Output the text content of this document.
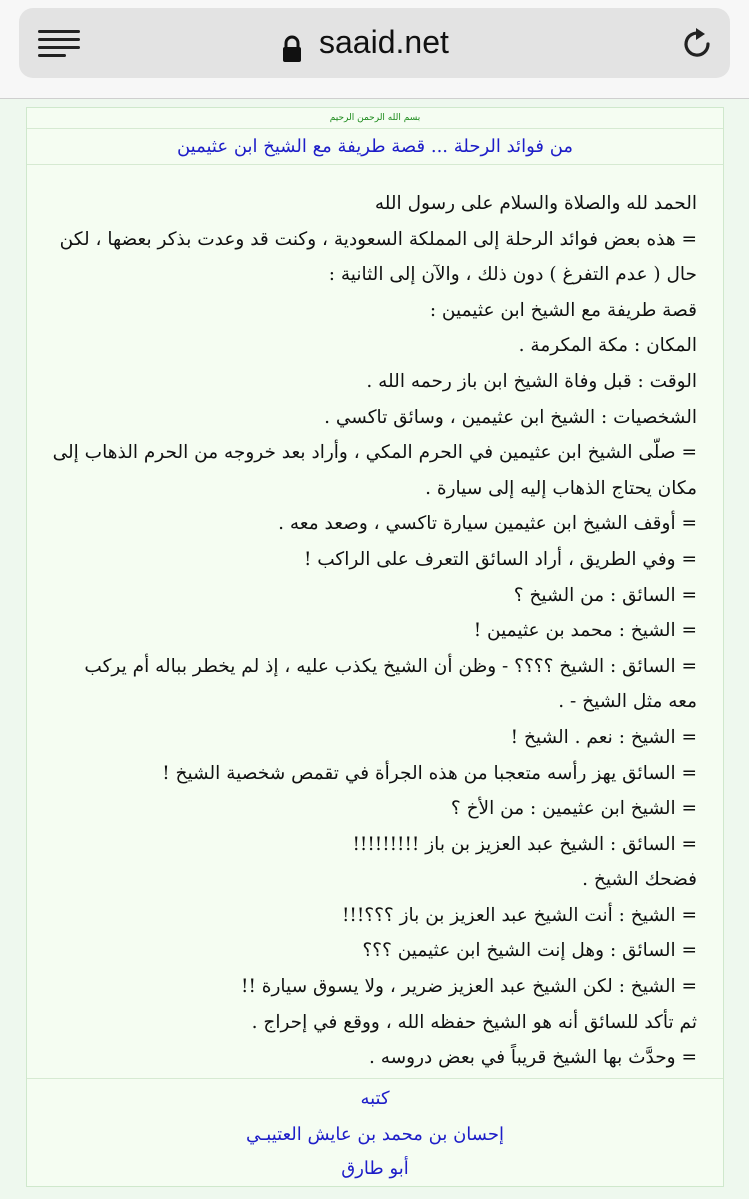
saaid.net
بسم الله الرحمن الرحيم
من فوائد الرحلة ... قصة طريفة مع الشيخ ابن عثيمين

الحمد لله والصلاة والسلام على رسول الله

= هذه بعض فوائد الرحلة إلى المملكة السعودية ، وكنت قد وعدت بذكر بعضها ، لكن حال ( عدم التفرغ ) دون ذلك ، والآن إلى الثانية :

قصة طريفة مع الشيخ ابن عثيمين :

المكان : مكة المكرمة .

الوقت : قبل وفاة الشيخ ابن باز رحمه الله .

الشخصيات : الشيخ ابن عثيمين ، وسائق تاكسي .

= صلّى الشيخ ابن عثيمين في الحرم المكي ، وأراد بعد خروجه من الحرم الذهاب إلى مكان يحتاج الذهاب إليه إلى سيارة .

= أوقف الشيخ ابن عثيمين سيارة تاكسي ، وصعد معه .

= وفي الطريق ، أراد السائق التعرف على الراكب !

= السائق : من الشيخ ؟

= الشيخ : محمد بن عثيمين !

= السائق : الشيخ ؟؟؟؟ - وظن أن الشيخ يكذب عليه ، إذ لم يخطر بباله أم يركب معه مثل الشيخ - .

= الشيخ : نعم . الشيخ !

= السائق يهز رأسه متعجبا من هذه الجرأة في تقمص شخصية الشيخ !

= الشيخ ابن عثيمين : من الأخ ؟

= السائق : الشيخ عبد العزيز بن باز !!!!!!!!!

فضحك الشيخ .

= الشيخ : أنت الشيخ عبد العزيز بن باز ؟؟؟!!!

= السائق : وهل إنت الشيخ ابن عثيمين ؟؟؟

= الشيخ : لكن الشيخ عبد العزيز ضرير ، ولا يسوق سيارة !!

ثم تأكد للسائق أنه هو الشيخ حفظه الله ، ووقع في إحراج .

= وحدَّث بها الشيخ قريباً في بعض دروسه .

كتبه
إحسان بن محمد بن عايش العتيبـي
أبو طارق
